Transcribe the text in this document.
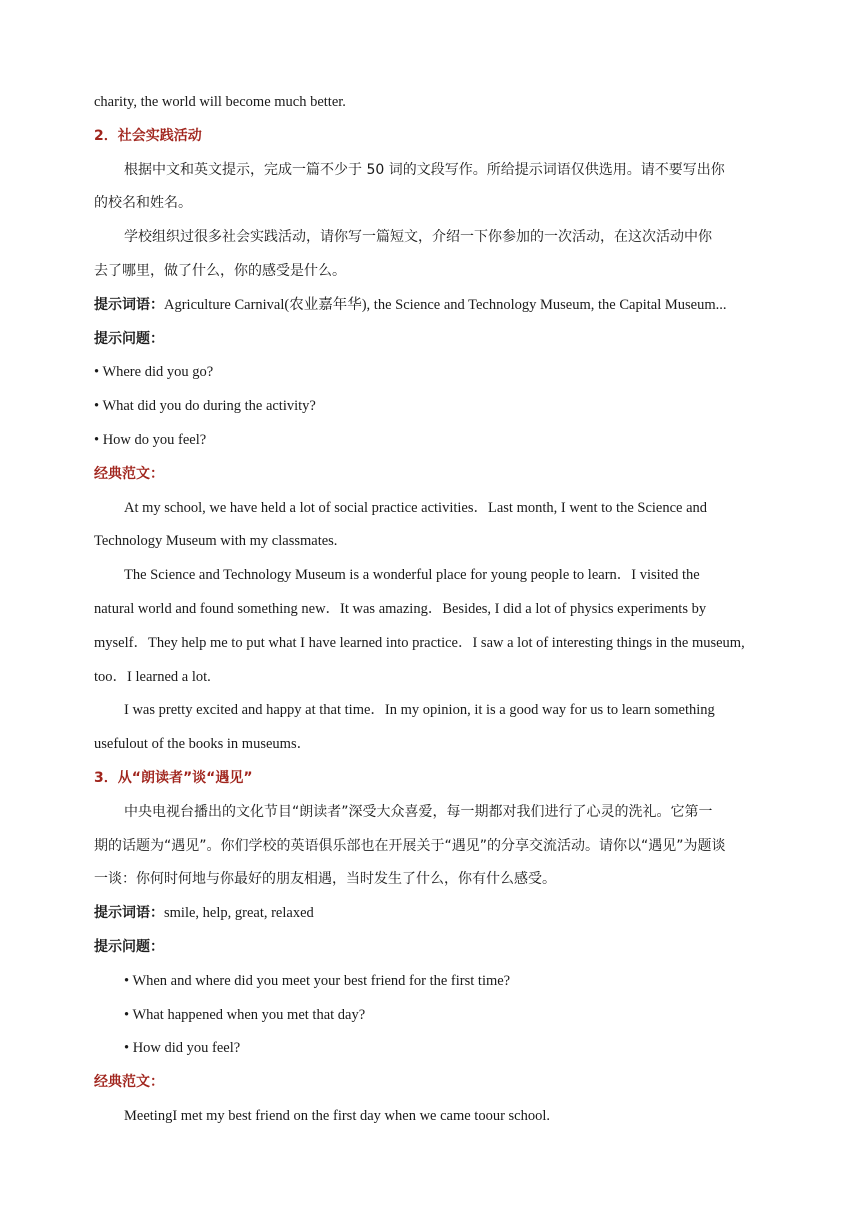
charity, the world will become much better.
2．社会实践活动
根据中文和英文提示，完成一篇不少于 50 词的文段写作。所给提示词语仅供选用。请不要写出你
的校名和姓名。
学校组织过很多社会实践活动，请你写一篇短文，介绍一下你参加的一次活动，在这次活动中你
去了哪里，做了什么，你的感受是什么。
提示词语：Agriculture Carnival(农业嘉年华), the Science and Technology Museum, the Capital Museum...
提示问题：
• Where did you go?
• What did you do during the activity?
• How do you feel?
经典范文：
At my school, we have held a lot of social practice activities．Last month, I went to the Science and
Technology Museum with my classmates.
The Science and Technology Museum is a wonderful place for young people to learn．I visited the
natural world and found something new．It was amazing．Besides, I did a lot of physics experiments by
myself．They help me to put what I have learned into practice．I saw a lot of interesting things in the museum,
too．I learned a lot.
I was pretty excited and happy at that time．In my opinion, it is a good way for us to learn something
usefulout of the books in museums．
3．从“朗读者”谈“遇见”
中央电视台播出的文化节目“朗读者”深受大众喜爱，每一期都对我们进行了心灵的洗礼。它第一
期的话题为“遇见”。你们学校的英语俱乐部也在开展关于“遇见”的分享交流活动。请你以“遇见”为题谈
一谈：你何时何地与你最好的朋友相遇，当时发生了什么，你有什么感受。
提示词语：smile, help, great, relaxed
提示问题：
• When and where did you meet your best friend for the first time?
• What happened when you met that day?
• How did you feel?
经典范文：
MeetingI met my best friend on the first day when we came toour school.
